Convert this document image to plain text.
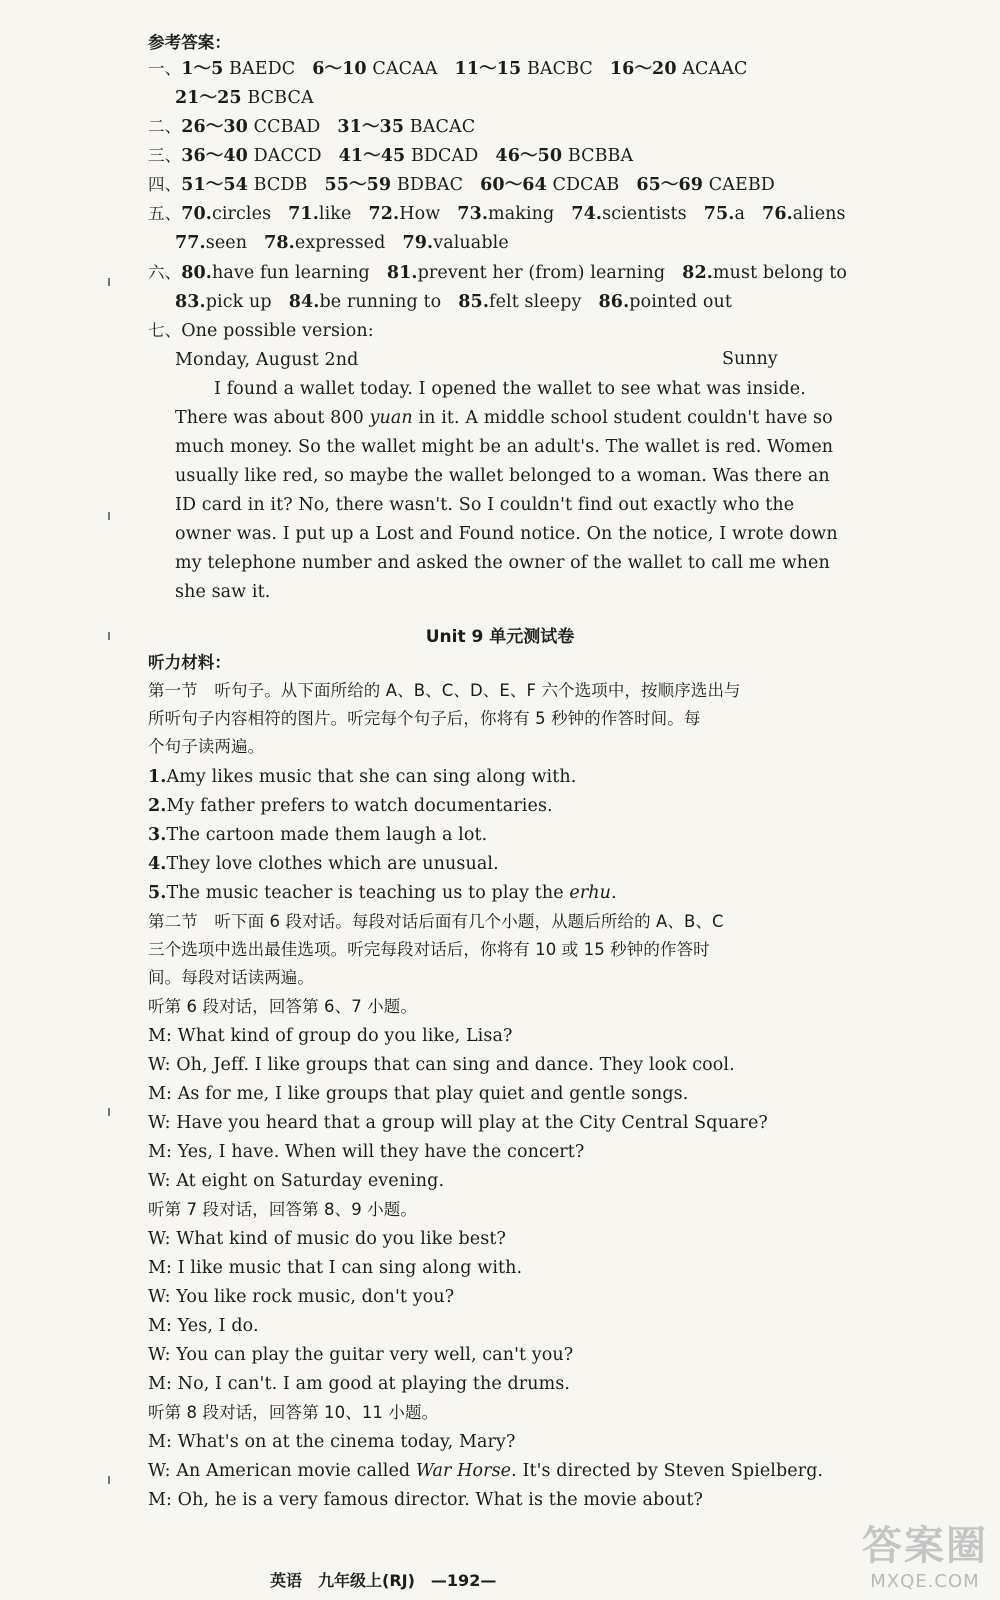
参考答案：
一、1～5 BAEDC 6～10 CACAA 11～15 BACBC 16～20 ACAAC
21～25 BCBCA
二、26～30 CCBAD 31～35 BACAC
三、36～40 DACCD 41～45 BDCAD 46～50 BCBBA
四、51～54 BCDB 55～59 BDBAC 60～64 CDCAB 65～69 CAEBD
五、70.circles 71.like 72.How 73.making 74.scientists 75.a 76.aliens
77.seen 78.expressed 79.valuable
六、80.have fun learning 81.prevent her (from) learning 82.must belong to
83.pick up 84.be running to 85.felt sleepy 86.pointed out
七、One possible version:
Monday, August 2nd	Sunny
I found a wallet today. I opened the wallet to see what was inside.
There was about 800 yuan in it. A middle school student couldn't have so
much money. So the wallet might be an adult's. The wallet is red. Women
usually like red, so maybe the wallet belonged to a woman. Was there an
ID card in it? No, there wasn't. So I couldn't find out exactly who the
owner was. I put up a Lost and Found notice. On the notice, I wrote down
my telephone number and asked the owner of the wallet to call me when
she saw it.
Unit 9 单元测试卷
听力材料：
第一节　听句子。从下面所给的 A、B、C、D、E、F 六个选项中，按顺序选出与
所听句子内容相符的图片。听完每个句子后，你将有 5 秒钟的作答时间。每
个句子读两遍。
1.Amy likes music that she can sing along with.
2.My father prefers to watch documentaries.
3.The cartoon made them laugh a lot.
4.They love clothes which are unusual.
5.The music teacher is teaching us to play the erhu.
第二节　听下面 6 段对话。每段对话后面有几个小题，从题后所给的 A、B、C
三个选项中选出最佳选项。听完每段对话后，你将有 10 或 15 秒钟的作答时
间。每段对话读两遍。
听第 6 段对话，回答第 6、7 小题。
M: What kind of group do you like, Lisa?
W: Oh, Jeff. I like groups that can sing and dance. They look cool.
M: As for me, I like groups that play quiet and gentle songs.
W: Have you heard that a group will play at the City Central Square?
M: Yes, I have. When will they have the concert?
W: At eight on Saturday evening.
听第 7 段对话，回答第 8、9 小题。
W: What kind of music do you like best?
M: I like music that I can sing along with.
W: You like rock music, don't you?
M: Yes, I do.
W: You can play the guitar very well, can't you?
M: No, I can't. I am good at playing the drums.
听第 8 段对话，回答第 10、11 小题。
M: What's on at the cinema today, Mary?
W: An American movie called War Horse. It's directed by Steven Spielberg.
M: Oh, he is a very famous director. What is the movie about?
英语 九年级上(RJ) —192—
答案圈
MXQE.COM
